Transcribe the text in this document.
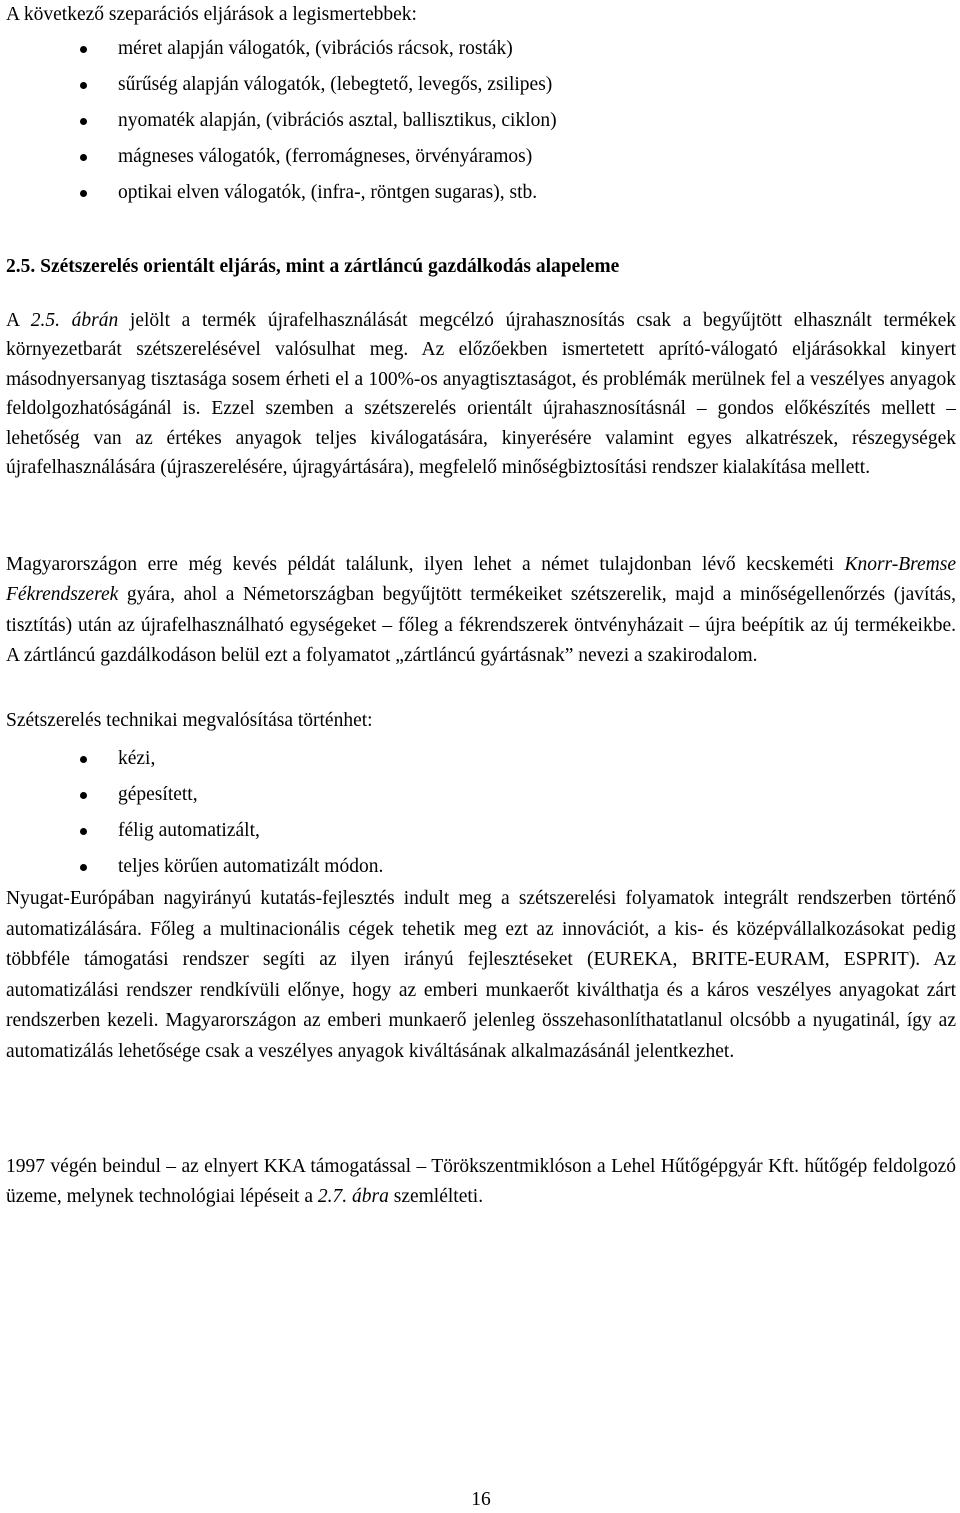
A következő szeparációs eljárások a legismertebbek:
méret alapján válogatók, (vibrációs rácsok, rosták)
sűrűség alapján válogatók, (lebegtető, levegős, zsilipes)
nyomaték alapján, (vibrációs asztal, ballisztikus, ciklon)
mágneses válogatók, (ferromágneses, örvényáramos)
optikai elven válogatók, (infra-, röntgen sugaras), stb.
2.5. Szétszerelés orientált eljárás, mint a zártláncú gazdálkodás alapeleme

A 2.5. ábrán jelölt a termék újrafelhasználását megcélzó újrahasznosítás csak a begyűjtött elhasznált termékek környezetbarát szétszerelésével valósulhat meg. Az előzőekben ismertetett aprító-válogató eljárásokkal kinyert másodnyersanyag tisztasága sosem érheti el a 100%-os anyagtisztaságot, és problémák merülnek fel a veszélyes anyagok feldolgozhatóságánál is. Ezzel szemben a szétszerelés orientált újrahasznosításnál – gondos előkészítés mellett – lehetőség van az értékes anyagok teljes kiválogatására, kinyerésére valamint egyes alkatrészek, részegységek újrafelhasználására (újraszerelésére, újragyártására), megfelelő minőségbiztosítási rendszer kialakítása mellett.

Magyarországon erre még kevés példát találunk, ilyen lehet a német tulajdonban lévő kecskeméti Knorr-Bremse Fékrendszerek gyára, ahol a Németországban begyűjtött termékeiket szétszerelik, majd a minőségellenőrzés (javítás, tisztítás) után az újrafelhasználható egységeket – főleg a fékrendszerek öntvényházait – újra beépítik az új termékeikbe. A zártláncú gazdálkodáson belül ezt a folyamatot „zártláncú gyártásnak” nevezi a szakirodalom.

Szétszerelés technikai megvalósítása történhet:

kézi,
gépesített,
félig automatizált,
teljes körűen automatizált módon.

Nyugat-Európában nagyirányú kutatás-fejlesztés indult meg a szétszerelési folyamatok integrált rendszerben történő automatizálására. Főleg a multinacionális cégek tehetik meg ezt az innovációt, a kis- és középvállalkozásokat pedig többféle támogatási rendszer segíti az ilyen irányú fejlesztéseket (EUREKA, BRITE-EURAM, ESPRIT). Az automatizálási rendszer rendkívüli előnye, hogy az emberi munkaerőt kiválthatja és a káros veszélyes anyagokat zárt rendszerben kezeli. Magyarországon az emberi munkaerő jelenleg összehasonlíthatatlanul olcsóbb a nyugatinál, így az automatizálás lehetősége csak a veszélyes anyagok kiváltásának alkalmazásánál jelentkezhet.

1997 végén beindul – az elnyert KKA támogatással – Törökszentmiklóson a Lehel Hűtőgépgyár Kft. hűtőgép feldolgozó üzeme, melynek technológiai lépéseit a 2.7. ábra szemlélteti.

16
